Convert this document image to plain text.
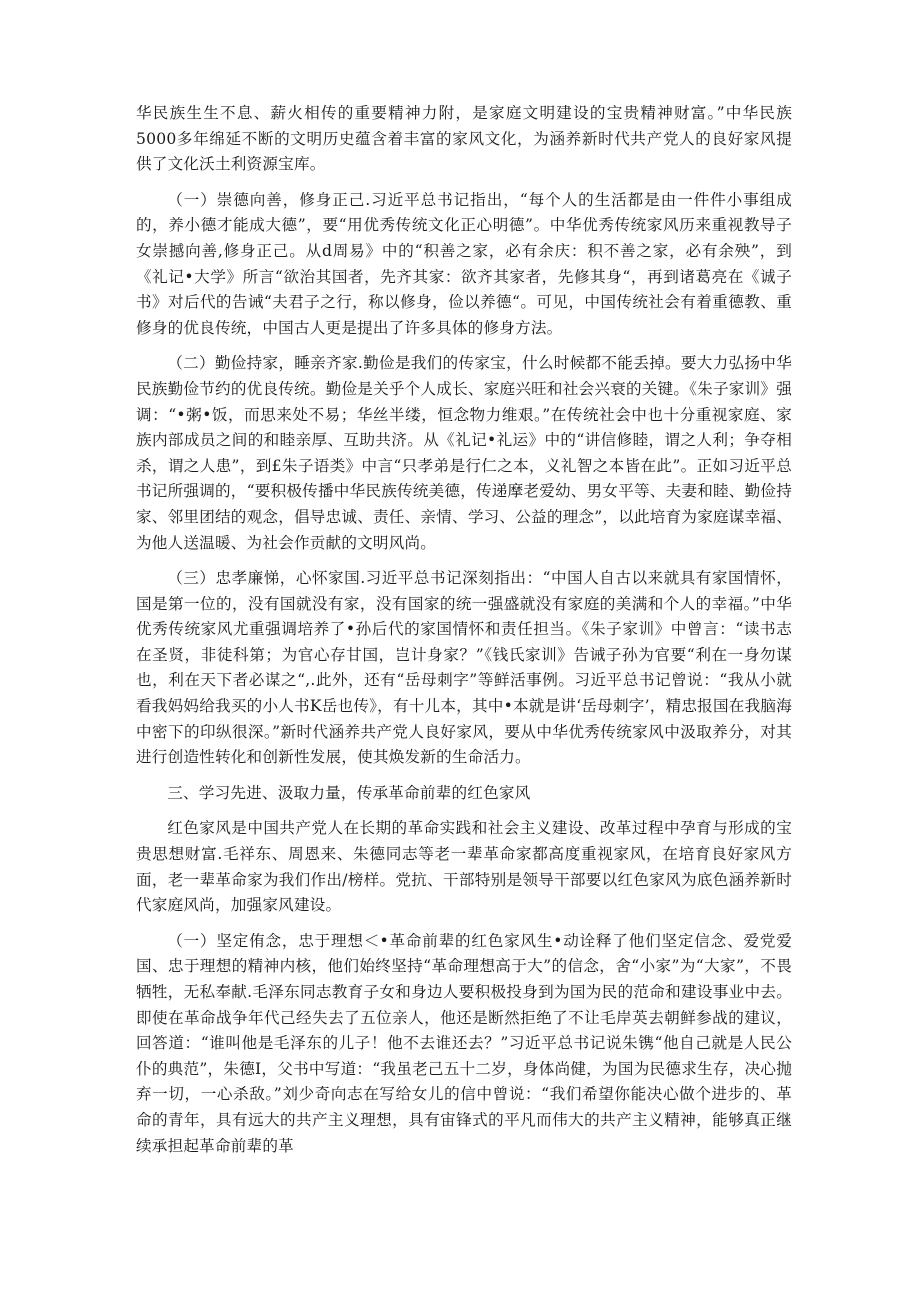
华民族生生不息、薪火相传的重要精神力附，是家庭文明建设的宝贵精神财富。”中华民族5000多年绵延不断的文明历史蕴含着丰富的家风文化，为涵养新时代共产党人的良好家风提供了文化沃土利资源宝库。

（一）崇德向善，修身正己.习近平总书记指出，“每个人的生活都是由一件件小事组成的，养小德才能成大德”，要“用优秀传统文化正心明德”。中华优秀传统家风历来重视教导子女崇撼向善,修身正己。从d周易》中的“积善之家，必有余庆：积不善之家，必有余殃”，到《礼记•大学》所言“欲治其国者，先齐其家：欲齐其家者，先修其身“，再到诸葛亮在《诚子书》对后代的告诫“夫君子之行，称以修身，俭以养德“。可见，中国传统社会有着重德教、重修身的优良传统，中国古人更是提出了许多具体的修身方法。

（二）勤俭持家，睡亲齐家.勤俭是我们的传家宝，什么时候都不能丢掉。要大力弘扬中华民族勤俭节约的优良传统。勤俭是关乎个人成长、家庭兴旺和社会兴衰的关键。《朱子家训》强调：“•粥•饭，而思来处不易；华丝半缕，恒念物力维艰。”在传统社会中也十分重视家庭、家族内部成员之间的和睦亲厚、互助共济。从《礼记•礼运》中的“讲信修睦，谓之人利；争夺相杀，谓之人患”，到£朱子语类》中言“只孝弟是行仁之本，义礼智之本皆在此”。正如习近平总书记所强调的，“要积极传播中华民族传统美德，传递摩老爱幼、男女平等、夫妻和睦、勤俭持家、邻里团结的观念，倡导忠诚、责任、亲情、学习、公益的理念”，以此培育为家庭谋幸福、为他人送温暖、为社会作贡献的文明风尚。

（三）忠孝廉悌，心怀家国.习近平总书记深刻指出：“中国人自古以来就具有家国情怀，国是第一位的，没有国就没有家，没有国家的统一强盛就没有家庭的美满和个人的幸福。”中华优秀传统家风尤重强调培养了•孙后代的家国情怀和责任担当。《朱子家训》中曾言：“读书志在圣贤，非徒科第；为官心存甘国，岂计身家？”《钱氏家训》告诫子孙为官要“利在一身勿谋也，利在天下者必谋之“,.此外，还有“岳母刺字”等鲜活事例。习近平总书记曾说：“我从小就看我妈妈给我买的小人书K岳也传》，有十儿本，其中•本就是讲‘岳母刺字’，精忠报国在我脑海中密下的印纵很深。”新时代涵养共产党人良好家风，要从中华优秀传统家风中汲取养分，对其进行创造性转化和创新性发展，使其焕发新的生命活力。

三、学习先进、汲取力量，传承革命前辈的红色家风

红色家风是中国共产党人在长期的革命实践和社会主义建设、改革过程中孕育与形成的宝贵思想财富.毛祥东、周恩来、朱德同志等老一辈革命家都高度重视家风，在培育良好家风方面，老一辈革命家为我们作出/榜样。党抗、干部特别是领导干部要以红色家风为底色涵养新时代家庭风尚，加强家风建设。

（一）坚定侑念，忠于理想＜•革命前辈的红色家风生•动诠释了他们坚定信念、爱党爱国、忠于理想的精神内核，他们始终坚持“革命理想高于大”的信念，舍“小家”为“大家”，不畏牺牲，无私奉献.毛泽东同志教育子女和身边人要积极投身到为国为民的范命和建设事业中去。即使在革命战争年代己经失去了五位亲人，他还是断然拒绝了不让毛岸英去朝鲜参战的建议，回答道：“谁叫他是毛泽东的儿子！他不去谁还去？”习近平总书记说朱镌“他自己就是人民公仆的典范”，朱德I，父书中写道：“我虽老己五十二岁，身体尚健，为国为民德求生存，决心抛弃一切，一心杀敌。”刘少奇向志在写给女儿的信中曾说：“我们希望你能决心做个进步的、革命的青年，具有远大的共产主义理想，具有宙锋式的平凡而伟大的共产主义精神，能够真正继续承担起革命前辈的革
